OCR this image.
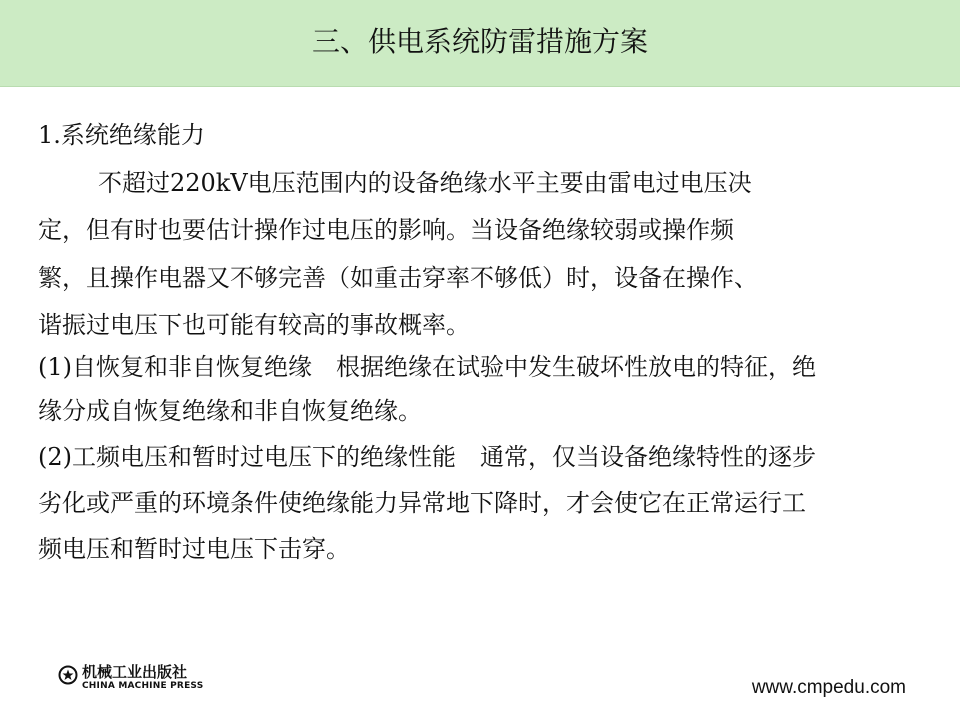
三、供电系统防雷措施方案
1.系统绝缘能力
不超过220kV电压范围内的设备绝缘水平主要由雷电过电压决
定，但有时也要估计操作过电压的影响。当设备绝缘较弱或操作频
繁，且操作电器又不够完善（如重击穿率不够低）时，设备在操作、
谐振过电压下也可能有较高的事故概率。
(1)自恢复和非自恢复绝缘　根据绝缘在试验中发生破坏性放电的特征，绝
缘分成自恢复绝缘和非自恢复绝缘。
(2)工频电压和暂时过电压下的绝缘性能　通常，仅当设备绝缘特性的逐步
劣化或严重的环境条件使绝缘能力异常地下降时，才会使它在正常运行工
频电压和暂时过电压下击穿。
机械工业出版社
CHINA MACHINE PRESS	www.cmpedu.com
